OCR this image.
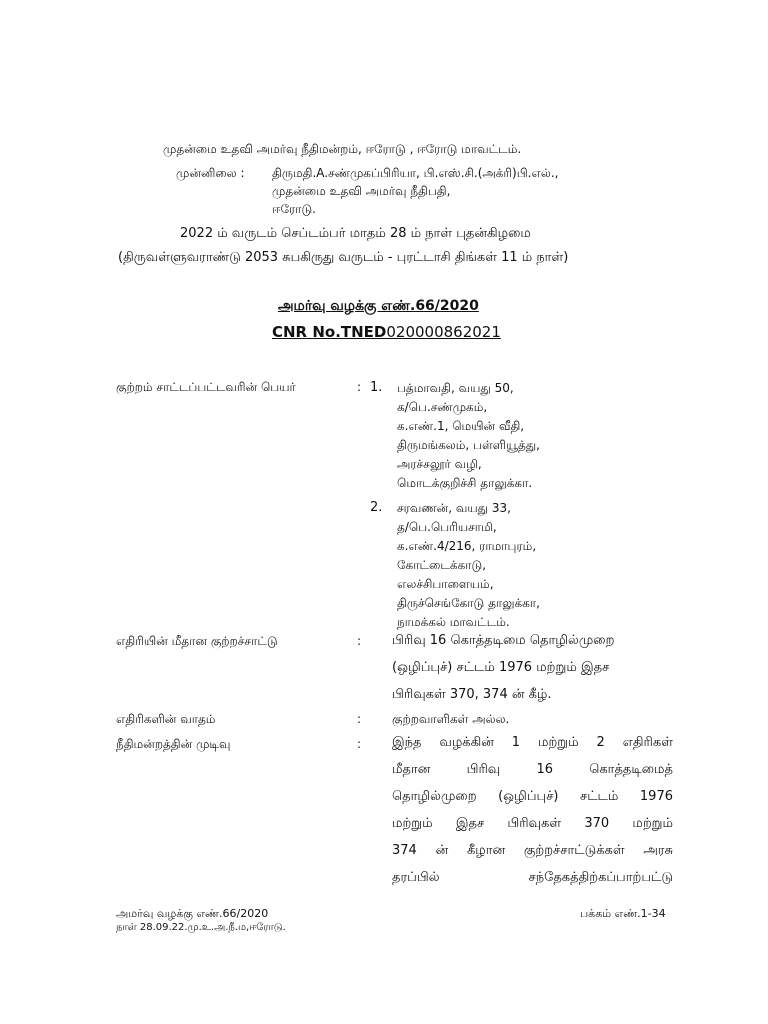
முதன்மை உதவி அமர்வு நீதிமன்றம், ஈரோடு , ஈரோடு மாவட்டம்.
முன்னிலை : திருமதி.A.சண்முகப்பிரியா, பி.எஸ்.சி.(அக்ரி)பி.எல்.,
முதன்மை உதவி அமர்வு நீதிபதி,
ஈரோடு.
2022 ம் வருடம் செப்டம்பர் மாதம் 28 ம் நாள் புதன்கிழமை
(திருவள்ளுவராண்டு 2053 சுபகிருது வருடம் - புரட்டாசி திங்கள் 11 ம் நாள்)
அமர்வு வழக்கு எண்.66/2020
CNR No.TNED020000862021
குற்றம் சாட்டப்பட்டவரின் பெயர்	: 1. பத்மாவதி, வயது 50,
க/பெ.சண்முகம்,
க.எண்.1, மெயின் வீதி,
திருமங்கலம், பள்ளியூத்து,
அரச்சலூர் வழி,
மொடக்குறிச்சி தாலுக்கா.
2. சரவணன், வயது 33,
த/பெ.பெரியசாமி,
க.எண்.4/216, ராமாபுரம்,
கோட்டைக்காடு,
எலச்சிபாளையம்,
திருச்செங்கோடு தாலுக்கா,
நாமக்கல் மாவட்டம்.
எதிரியின் மீதான குற்றச்சாட்டு	: பிரிவு 16 கொத்தடிமை தொழில்முறை
(ஒழிப்புச்) சட்டம் 1976 மற்றும் இதச
பிரிவுகள் 370, 374 ன் கீழ்.
எதிரிகளின் வாதம்	:	குற்றவாளிகள் அல்ல.
நீதிமன்றத்தின் முடிவு	: இந்த வழக்கின் 1 மற்றும் 2 எதிரிகள்
மீதான	பிரிவு	16	கொத்தடிமைத்
தொழில்முறை (ஒழிப்புச்) சட்டம் 1976
மற்றும் இதச பிரிவுகள் 370 மற்றும்
374 ன் கீழான குற்றச்சாட்டுக்கள் அரசு
தரப்பில்	சந்தேகத்திற்கப்பாற்பட்டு
அமர்வு வழக்கு எண்.66/2020
நாள் 28.09.22.மு.உ.அ.நீ.ம,ஈரோடு.
பக்கம் எண்.1-34
